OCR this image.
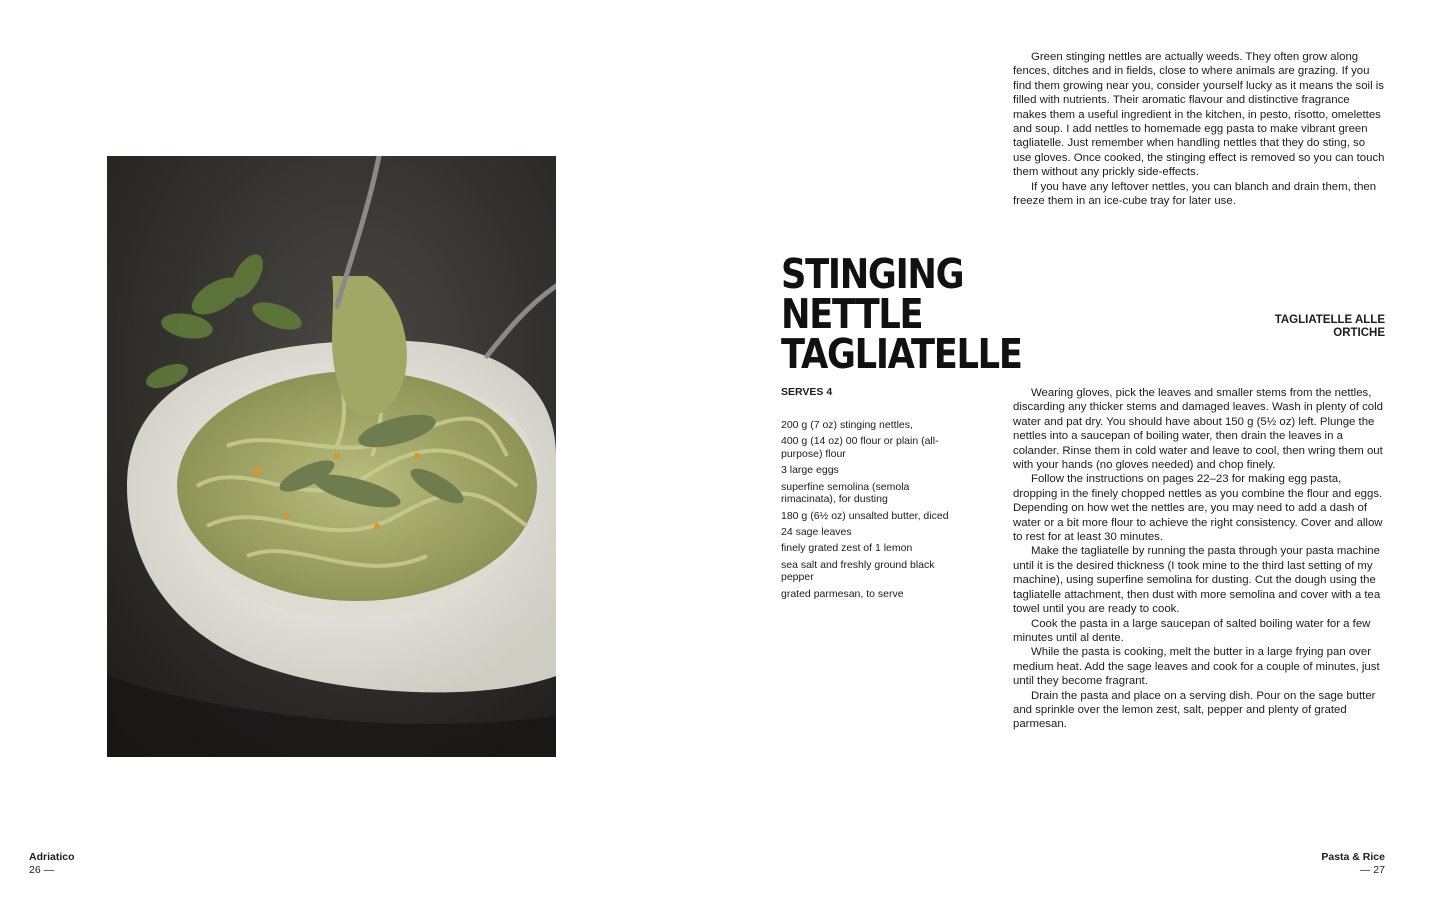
Green stinging nettles are actually weeds. They often grow along fences, ditches and in fields, close to where animals are grazing. If you find them growing near you, consider yourself lucky as it means the soil is filled with nutrients. Their aromatic flavour and distinctive fragrance makes them a useful ingredient in the kitchen, in pesto, risotto, omelettes and soup. I add nettles to homemade egg pasta to make vibrant green tagliatelle. Just remember when handling nettles that they do sting, so use gloves. Once cooked, the stinging effect is removed so you can touch them without any prickly side-effects.

If you have any leftover nettles, you can blanch and drain them, then freeze them in an ice-cube tray for later use.

STINGING NETTLE
TAGLIATELLE
TAGLIATELLE ALLE
ORTICHE
SERVES 4
200 g (7 oz) stinging nettles,
400 g (14 oz) 00 flour or plain (all-purpose) flour
3 large eggs
superfine semolina (semola rimacinata), for dusting
180 g (6½ oz) unsalted butter, diced
24 sage leaves
finely grated zest of 1 lemon
sea salt and freshly ground black pepper
grated parmesan, to serve

Wearing gloves, pick the leaves and smaller stems from the nettles, discarding any thicker stems and damaged leaves. Wash in plenty of cold water and pat dry. You should have about 150 g (5½ oz) left. Plunge the nettles into a saucepan of boiling water, then drain the leaves in a colander. Rinse them in cold water and leave to cool, then wring them out with your hands (no gloves needed) and chop finely.

Follow the instructions on pages 22–23 for making egg pasta, dropping in the finely chopped nettles as you combine the flour and eggs. Depending on how wet the nettles are, you may need to add a dash of water or a bit more flour to achieve the right consistency. Cover and allow to rest for at least 30 minutes.

Make the tagliatelle by running the pasta through your pasta machine until it is the desired thickness (I took mine to the third last setting of my machine), using superfine semolina for dusting. Cut the dough using the tagliatelle attachment, then dust with more semolina and cover with a tea towel until you are ready to cook.

Cook the pasta in a large saucepan of salted boiling water for a few minutes until al dente.

While the pasta is cooking, melt the butter in a large frying pan over medium heat. Add the sage leaves and cook for a couple of minutes, just until they become fragrant.

Drain the pasta and place on a serving dish. Pour on the sage butter and sprinkle over the lemon zest, salt, pepper and plenty of grated parmesan.

Adriatico
26 —
Pasta & Rice
— 27
